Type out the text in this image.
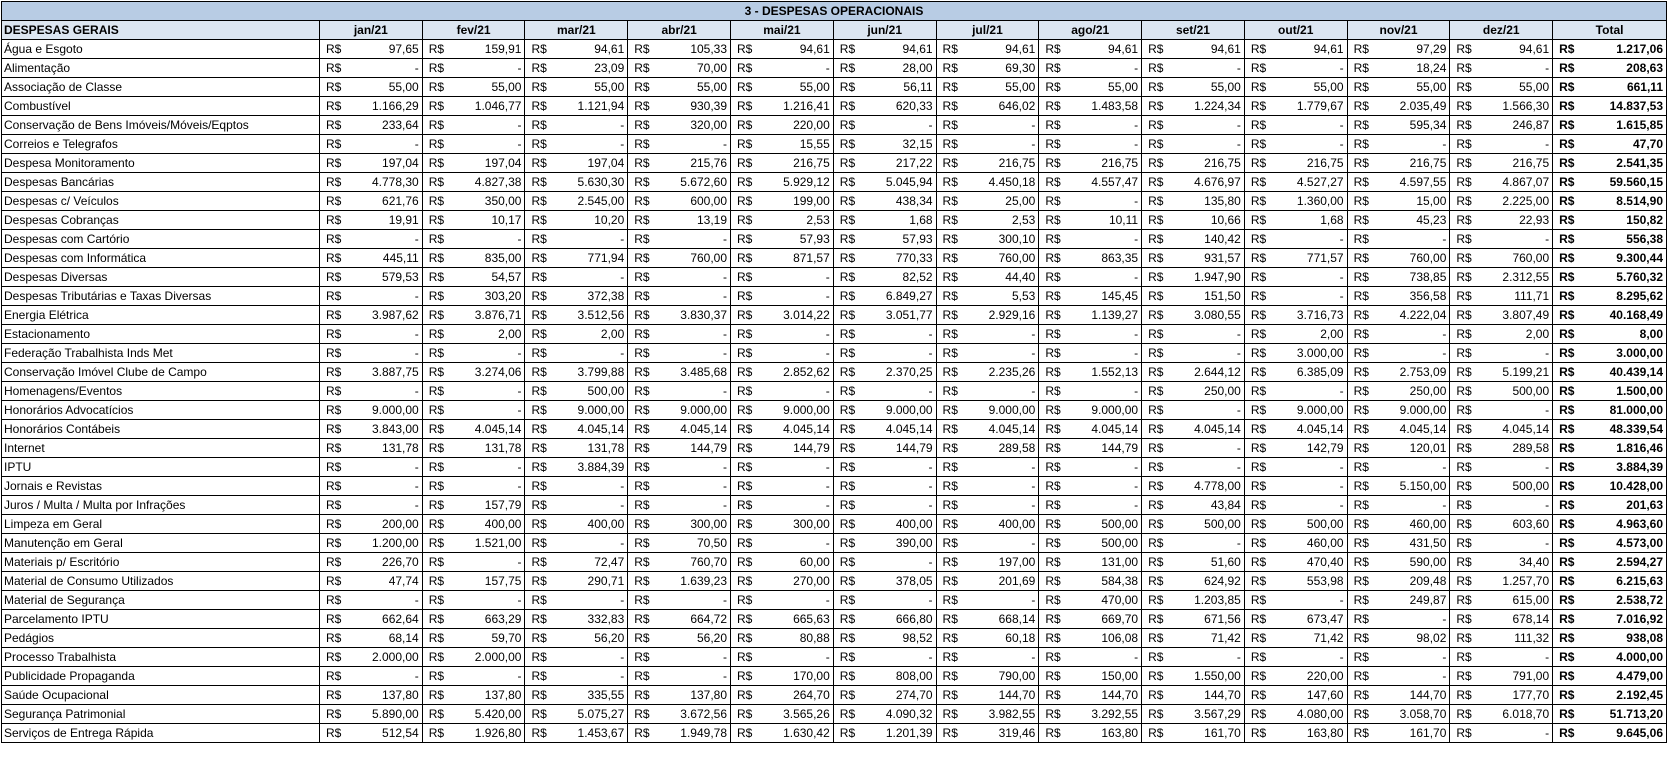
3 - DESPESAS OPERACIONAIS																										
DESPESAS GERAIS	jan/21		fev/21		mar/21		abr/21		mai/21		jun/21		jul/21		ago/21		set/21		out/21		nov/21		dez/21		Total	
Água e Esgoto	R$	97,65	R$	159,91	R$	94,61	R$	105,33	R$	94,61	R$	94,61	R$	94,61	R$	94,61	R$	94,61	R$	94,61	R$	97,29	R$	94,61	R$	1.217,06
Alimentação	R$	-	R$	-	R$	23,09	R$	70,00	R$	-	R$	28,00	R$	69,30	R$	-	R$	-	R$	-	R$	18,24	R$	-	R$	208,63
Associação de Classe	R$	55,00	R$	55,00	R$	55,00	R$	55,00	R$	55,00	R$	56,11	R$	55,00	R$	55,00	R$	55,00	R$	55,00	R$	55,00	R$	55,00	R$	661,11
Combustível	R$	1.166,29	R$	1.046,77	R$	1.121,94	R$	930,39	R$	1.216,41	R$	620,33	R$	646,02	R$	1.483,58	R$	1.224,34	R$	1.779,67	R$	2.035,49	R$	1.566,30	R$	14.837,53
Conservação de Bens Imóveis/Móveis/Eqptos	R$	233,64	R$	-	R$	-	R$	320,00	R$	220,00	R$	-	R$	-	R$	-	R$	-	R$	-	R$	595,34	R$	246,87	R$	1.615,85
Correios e Telegrafos	R$	-	R$	-	R$	-	R$	-	R$	15,55	R$	32,15	R$	-	R$	-	R$	-	R$	-	R$	-	R$	-	R$	47,70
Despesa Monitoramento	R$	197,04	R$	197,04	R$	197,04	R$	215,76	R$	216,75	R$	217,22	R$	216,75	R$	216,75	R$	216,75	R$	216,75	R$	216,75	R$	216,75	R$	2.541,35
Despesas Bancárias	R$	4.778,30	R$	4.827,38	R$	5.630,30	R$	5.672,60	R$	5.929,12	R$	5.045,94	R$	4.450,18	R$	4.557,47	R$	4.676,97	R$	4.527,27	R$	4.597,55	R$	4.867,07	R$	59.560,15
Despesas c/ Veículos	R$	621,76	R$	350,00	R$	2.545,00	R$	600,00	R$	199,00	R$	438,34	R$	25,00	R$	-	R$	135,80	R$	1.360,00	R$	15,00	R$	2.225,00	R$	8.514,90
Despesas Cobranças	R$	19,91	R$	10,17	R$	10,20	R$	13,19	R$	2,53	R$	1,68	R$	2,53	R$	10,11	R$	10,66	R$	1,68	R$	45,23	R$	22,93	R$	150,82
Despesas com Cartório	R$	-	R$	-	R$	-	R$	-	R$	57,93	R$	57,93	R$	300,10	R$	-	R$	140,42	R$	-	R$	-	R$	-	R$	556,38
Despesas com Informática	R$	445,11	R$	835,00	R$	771,94	R$	760,00	R$	871,57	R$	770,33	R$	760,00	R$	863,35	R$	931,57	R$	771,57	R$	760,00	R$	760,00	R$	9.300,44
Despesas Diversas	R$	579,53	R$	54,57	R$	-	R$	-	R$	-	R$	82,52	R$	44,40	R$	-	R$	1.947,90	R$	-	R$	738,85	R$	2.312,55	R$	5.760,32
Despesas Tributárias e Taxas Diversas	R$	-	R$	303,20	R$	372,38	R$	-	R$	-	R$	6.849,27	R$	5,53	R$	145,45	R$	151,50	R$	-	R$	356,58	R$	111,71	R$	8.295,62
Energia Elétrica	R$	3.987,62	R$	3.876,71	R$	3.512,56	R$	3.830,37	R$	3.014,22	R$	3.051,77	R$	2.929,16	R$	1.139,27	R$	3.080,55	R$	3.716,73	R$	4.222,04	R$	3.807,49	R$	40.168,49
Estacionamento	R$	-	R$	2,00	R$	2,00	R$	-	R$	-	R$	-	R$	-	R$	-	R$	-	R$	2,00	R$	-	R$	2,00	R$	8,00
Federação Trabalhista Inds Met	R$	-	R$	-	R$	-	R$	-	R$	-	R$	-	R$	-	R$	-	R$	-	R$	3.000,00	R$	-	R$	-	R$	3.000,00
Conservação Imóvel Clube de Campo	R$	3.887,75	R$	3.274,06	R$	3.799,88	R$	3.485,68	R$	2.852,62	R$	2.370,25	R$	2.235,26	R$	1.552,13	R$	2.644,12	R$	6.385,09	R$	2.753,09	R$	5.199,21	R$	40.439,14
Homenagens/Eventos	R$	-	R$	-	R$	500,00	R$	-	R$	-	R$	-	R$	-	R$	-	R$	250,00	R$	-	R$	250,00	R$	500,00	R$	1.500,00
Honorários Advocatícios	R$	9.000,00	R$	-	R$	9.000,00	R$	9.000,00	R$	9.000,00	R$	9.000,00	R$	9.000,00	R$	9.000,00	R$	-	R$	9.000,00	R$	9.000,00	R$	-	R$	81.000,00
Honorários Contábeis	R$	3.843,00	R$	4.045,14	R$	4.045,14	R$	4.045,14	R$	4.045,14	R$	4.045,14	R$	4.045,14	R$	4.045,14	R$	4.045,14	R$	4.045,14	R$	4.045,14	R$	4.045,14	R$	48.339,54
Internet	R$	131,78	R$	131,78	R$	131,78	R$	144,79	R$	144,79	R$	144,79	R$	289,58	R$	144,79	R$	-	R$	142,79	R$	120,01	R$	289,58	R$	1.816,46
IPTU	R$	-	R$	-	R$	3.884,39	R$	-	R$	-	R$	-	R$	-	R$	-	R$	-	R$	-	R$	-	R$	-	R$	3.884,39
Jornais e Revistas	R$	-	R$	-	R$	-	R$	-	R$	-	R$	-	R$	-	R$	-	R$	4.778,00	R$	-	R$	5.150,00	R$	500,00	R$	10.428,00
Juros / Multa / Multa por Infrações	R$	-	R$	157,79	R$	-	R$	-	R$	-	R$	-	R$	-	R$	-	R$	43,84	R$	-	R$	-	R$	-	R$	201,63
Limpeza em Geral	R$	200,00	R$	400,00	R$	400,00	R$	300,00	R$	300,00	R$	400,00	R$	400,00	R$	500,00	R$	500,00	R$	500,00	R$	460,00	R$	603,60	R$	4.963,60
Manutenção em Geral	R$	1.200,00	R$	1.521,00	R$	-	R$	70,50	R$	-	R$	390,00	R$	-	R$	500,00	R$	-	R$	460,00	R$	431,50	R$	-	R$	4.573,00
Materiais p/ Escritório	R$	226,70	R$	-	R$	72,47	R$	760,70	R$	60,00	R$	-	R$	197,00	R$	131,00	R$	51,60	R$	470,40	R$	590,00	R$	34,40	R$	2.594,27
Material de Consumo Utilizados	R$	47,74	R$	157,75	R$	290,71	R$	1.639,23	R$	270,00	R$	378,05	R$	201,69	R$	584,38	R$	624,92	R$	553,98	R$	209,48	R$	1.257,70	R$	6.215,63
Material de Segurança	R$	-	R$	-	R$	-	R$	-	R$	-	R$	-	R$	-	R$	470,00	R$	1.203,85	R$	-	R$	249,87	R$	615,00	R$	2.538,72
Parcelamento IPTU	R$	662,64	R$	663,29	R$	332,83	R$	664,72	R$	665,63	R$	666,80	R$	668,14	R$	669,70	R$	671,56	R$	673,47	R$	-	R$	678,14	R$	7.016,92
Pedágios	R$	68,14	R$	59,70	R$	56,20	R$	56,20	R$	80,88	R$	98,52	R$	60,18	R$	106,08	R$	71,42	R$	71,42	R$	98,02	R$	111,32	R$	938,08
Processo Trabalhista	R$	2.000,00	R$	2.000,00	R$	-	R$	-	R$	-	R$	-	R$	-	R$	-	R$	-	R$	-	R$	-	R$	-	R$	4.000,00
Publicidade Propaganda	R$	-	R$	-	R$	-	R$	-	R$	170,00	R$	808,00	R$	790,00	R$	150,00	R$	1.550,00	R$	220,00	R$	-	R$	791,00	R$	4.479,00
Saúde Ocupacional	R$	137,80	R$	137,80	R$	335,55	R$	137,80	R$	264,70	R$	274,70	R$	144,70	R$	144,70	R$	144,70	R$	147,60	R$	144,70	R$	177,70	R$	2.192,45
Segurança Patrimonial	R$	5.890,00	R$	5.420,00	R$	5.075,27	R$	3.672,56	R$	3.565,26	R$	4.090,32	R$	3.982,55	R$	3.292,55	R$	3.567,29	R$	4.080,00	R$	3.058,70	R$	6.018,70	R$	51.713,20
Serviços de Entrega Rápida	R$	512,54	R$	1.926,80	R$	1.453,67	R$	1.949,78	R$	1.630,42	R$	1.201,39	R$	319,46	R$	163,80	R$	161,70	R$	163,80	R$	161,70	R$	-	R$	9.645,06
